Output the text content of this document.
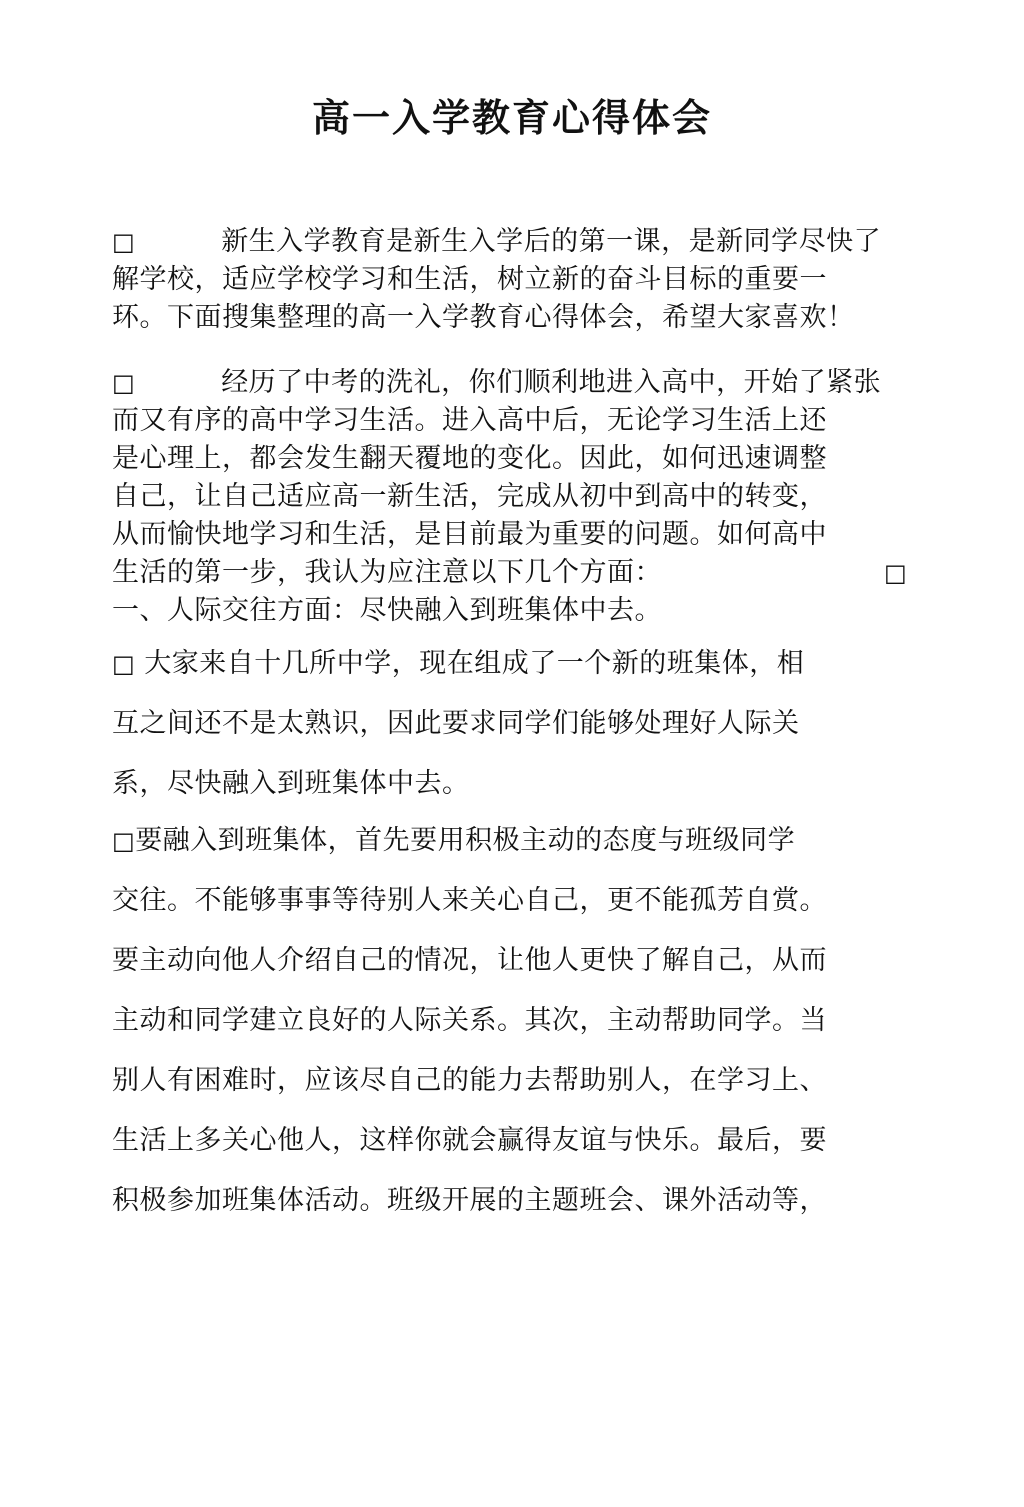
高一入学教育心得体会
□	新生入学教育是新生入学后的第一课，是新同学尽快了
解学校，适应学校学习和生活，树立新的奋斗目标的重要一
环。下面搜集整理的高一入学教育心得体会，希望大家喜欢！
□	经历了中考的洗礼，你们顺利地进入高中，开始了紧张
而又有序的高中学习生活。进入高中后，无论学习生活上还
是心理上，都会发生翻天覆地的变化。因此，如何迅速调整
自己，让自己适应高一新生活，完成从初中到高中的转变，
从而愉快地学习和生活，是目前最为重要的问题。如何高中
生活的第一步，我认为应注意以下几个方面：	□
一、人际交往方面：尽快融入到班集体中去。
□ 大家来自十几所中学，现在组成了一个新的班集体，相
互之间还不是太熟识，因此要求同学们能够处理好人际关
系，尽快融入到班集体中去。
□要融入到班集体，首先要用积极主动的态度与班级同学
交往。不能够事事等待别人来关心自己，更不能孤芳自赏。
要主动向他人介绍自己的情况，让他人更快了解自己，从而
主动和同学建立良好的人际关系。其次，主动帮助同学。当
别人有困难时，应该尽自己的能力去帮助别人，在学习上、
生活上多关心他人，这样你就会赢得友谊与快乐。最后，要
积极参加班集体活动。班级开展的主题班会、课外活动等，
